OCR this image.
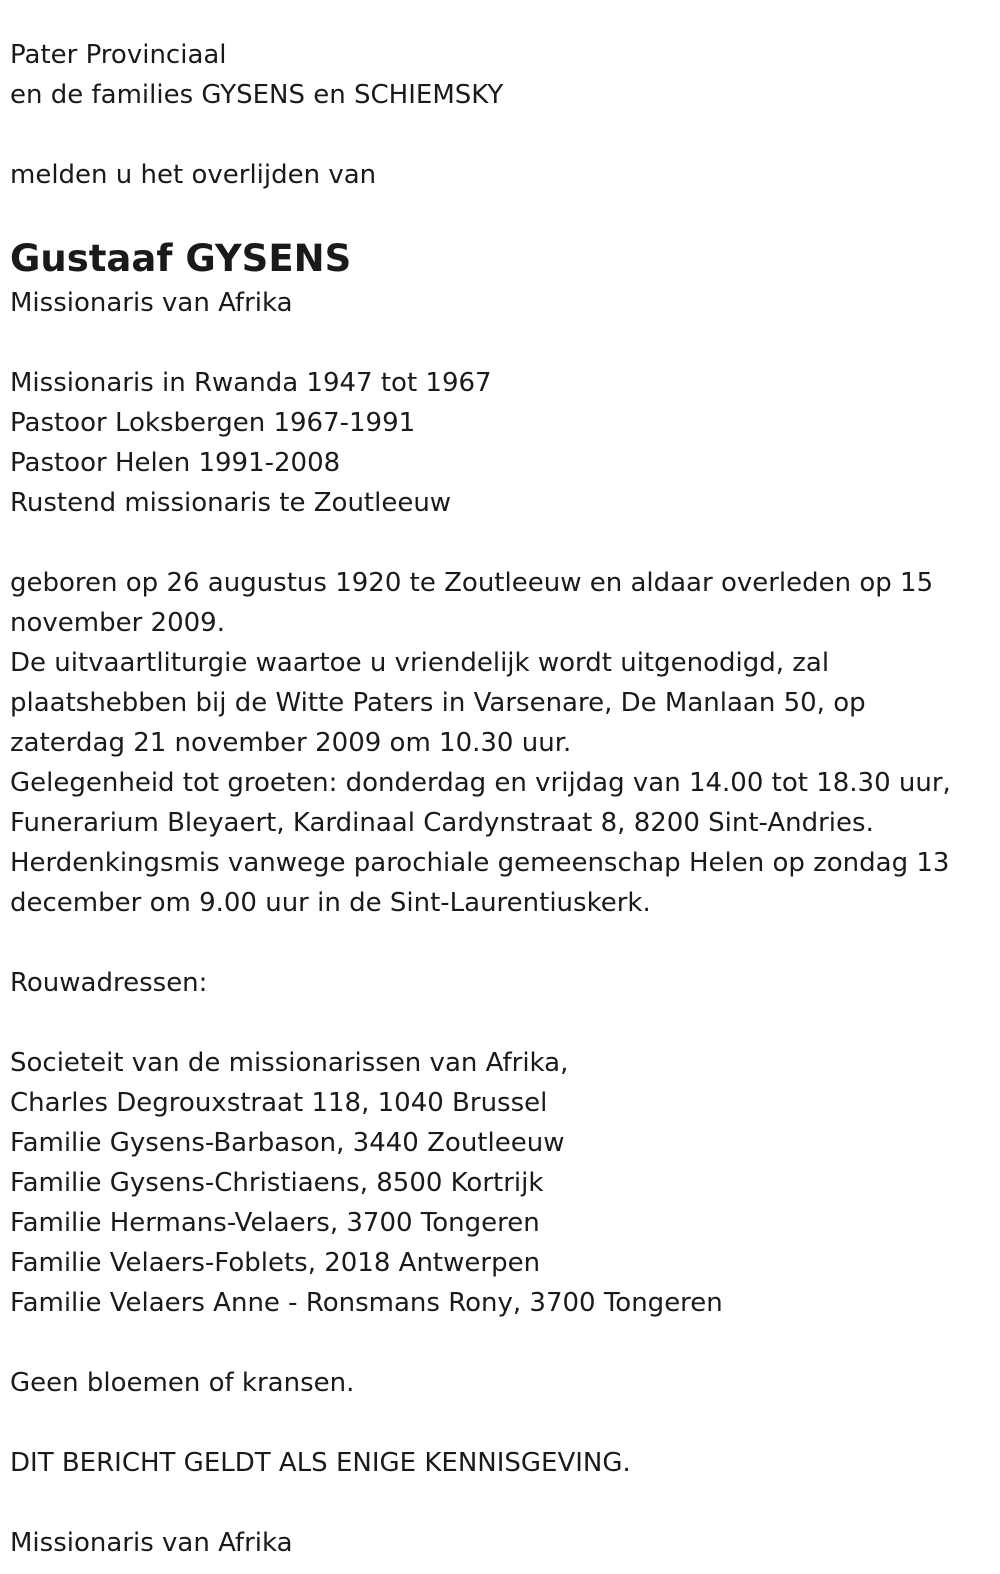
Pater Provinciaal
en de families GYSENS en SCHIEMSKY
melden u het overlijden van
Gustaaf GYSENS
Missionaris van Afrika
Missionaris in Rwanda 1947 tot 1967
Pastoor Loksbergen 1967-1991
Pastoor Helen 1991-2008
Rustend missionaris te Zoutleeuw
geboren op 26 augustus 1920 te Zoutleeuw en aldaar overleden op 15 november 2009.
De uitvaartliturgie waartoe u vriendelijk wordt uitgenodigd, zal plaatshebben bij de Witte Paters in Varsenare, De Manlaan 50, op zaterdag 21 november 2009 om 10.30 uur.
Gelegenheid tot groeten: donderdag en vrijdag van 14.00 tot 18.30 uur, Funerarium Bleyaert, Kardinaal Cardynstraat 8, 8200 Sint-Andries.
Herdenkingsmis vanwege parochiale gemeenschap Helen op zondag 13 december om 9.00 uur in de Sint-Laurentiuskerk.
Rouwadressen:
Societeit van de missionarissen van Afrika,
Charles Degrouxstraat 118, 1040 Brussel
Familie Gysens-Barbason, 3440 Zoutleeuw
Familie Gysens-Christiaens, 8500 Kortrijk
Familie Hermans-Velaers, 3700 Tongeren
Familie Velaers-Foblets, 2018 Antwerpen
Familie Velaers Anne - Ronsmans Rony, 3700 Tongeren
Geen bloemen of kransen.
DIT BERICHT GELDT ALS ENIGE KENNISGEVING.
Missionaris van Afrika
